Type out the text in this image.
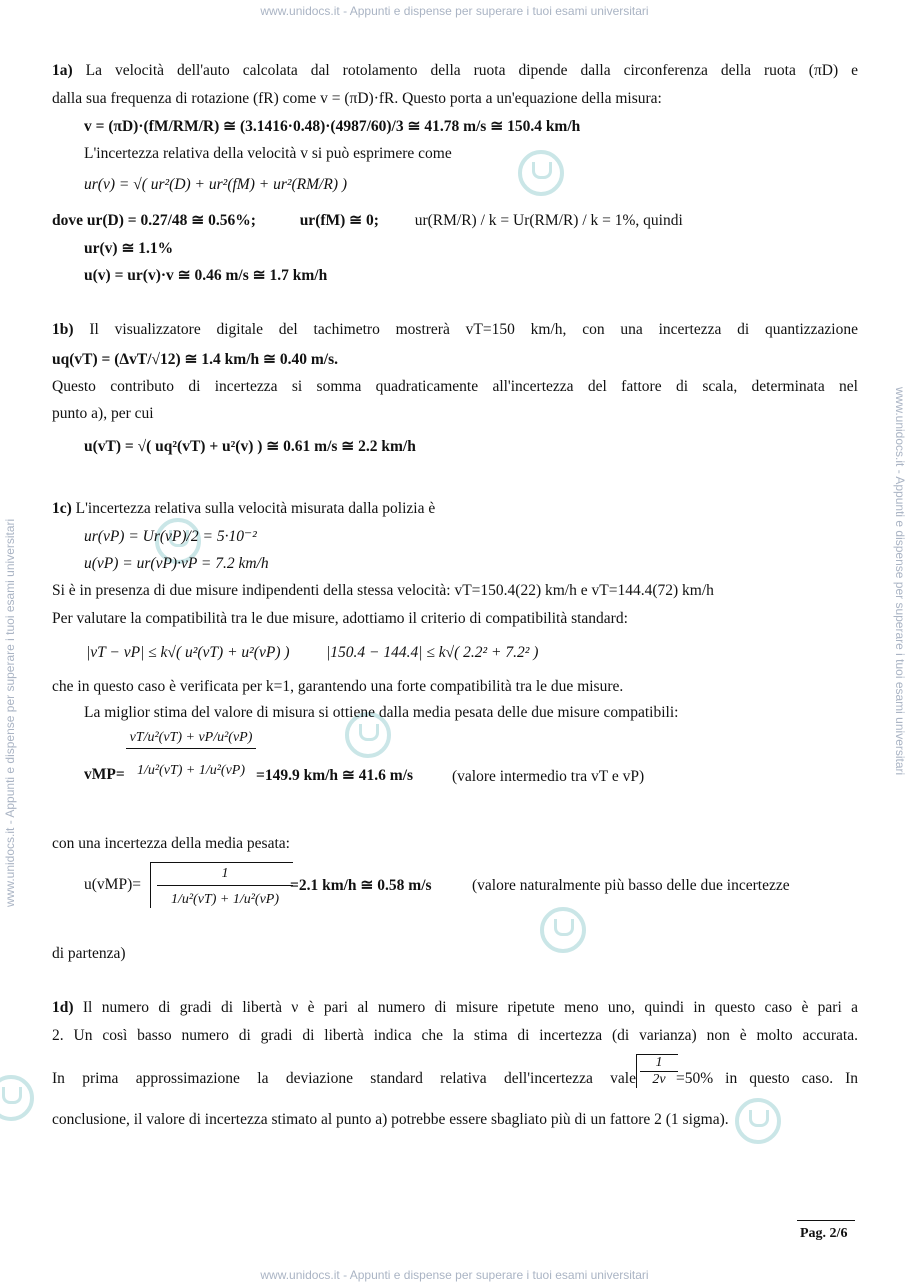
www.unidocs.it - Appunti e dispense per superare i tuoi esami universitari
www.unidocs.it - Appunti e dispense per superare i tuoi esami universitari
www.unidocs.it - Appunti e dispense per superare i tuoi esami universitari	www.unidocs.it - Appunti e dispense per superare i tuoi esami universitari
1a) La velocità dell'auto calcolata dal rotolamento della ruota dipende dalla circonferenza della ruota (πD) e
dalla sua frequenza di rotazione (fR) come v = (πD)·fR. Questo porta a un'equazione della misura:
v = (πD)·(fM/RM/R) ≅ (3.1416·0.48)·(4987/60)/3 ≅ 41.78 m/s ≅ 150.4 km/h
L'incertezza relativa della velocità v si può esprimere come
ur(v) = √( ur²(D) + ur²(fM) + ur²(RM/R) )
dove ur(D) = 0.27/48 ≅ 0.56%;	ur(fM) ≅ 0; ur(RM/R) / k = Ur(RM/R) / k = 1%, quindi
ur(v) ≅ 1.1%
u(v) = ur(v)·v ≅ 0.46 m/s ≅ 1.7 km/h
1b) Il visualizzatore digitale del tachimetro mostrerà vT=150 km/h, con una incertezza di quantizzazione
uq(vT) = (ΔvT/√12) ≅ 1.4 km/h ≅ 0.40 m/s.
Questo contributo di incertezza si somma quadraticamente all'incertezza del fattore di scala, determinata nel
punto a), per cui
u(vT) = √( uq²(vT) + u²(v) ) ≅ 0.61 m/s ≅ 2.2 km/h
1c) L'incertezza relativa sulla velocità misurata dalla polizia è
ur(vP) = Ur(vP)/2 = 5·10⁻²
u(vP) = ur(vP)·vP = 7.2 km/h
Si è in presenza di due misure indipendenti della stessa velocità: vT=150.4(22) km/h e vT=144.4(72) km/h
Per valutare la compatibilità tra le due misure, adottiamo il criterio di compatibilità standard:
|vT − vP| ≤ k√( u²(vT) + u²(vP) ) |150.4 − 144.4| ≤ k√( 2.2² + 7.2² )
che in questo caso è verificata per k=1, garantendo una forte compatibilità tra le due misure.
La miglior stima del valore di misura si ottiene dalla media pesata delle due misure compatibili:
vMP=
vT/u²(vT) + vP/u²(vP)
1/u²(vT) + 1/u²(vP) =149.9 km/h ≅ 41.6 m/s	(valore intermedio tra vT e vP)
con una incertezza della media pesata:
u(vMP)=
1
1/u²(vT) + 1/u²(vP)
=2.1 km/h ≅ 0.58 m/s	(valore naturalmente più basso delle due incertezze
di partenza)
1d) Il numero di gradi di libertà ν è pari al numero di misure ripetute meno uno, quindi in questo caso è pari a
2. Un così basso numero di gradi di libertà indica che la stima di incertezza (di varianza) non è molto accurata.
In prima approssimazione la deviazione standard relativa dell'incertezza vale
1
2ν =50% in questo caso. In
conclusione, il valore di incertezza stimato al punto a) potrebbe essere sbagliato più di un fattore 2 (1 sigma).
Pag. 2/6
